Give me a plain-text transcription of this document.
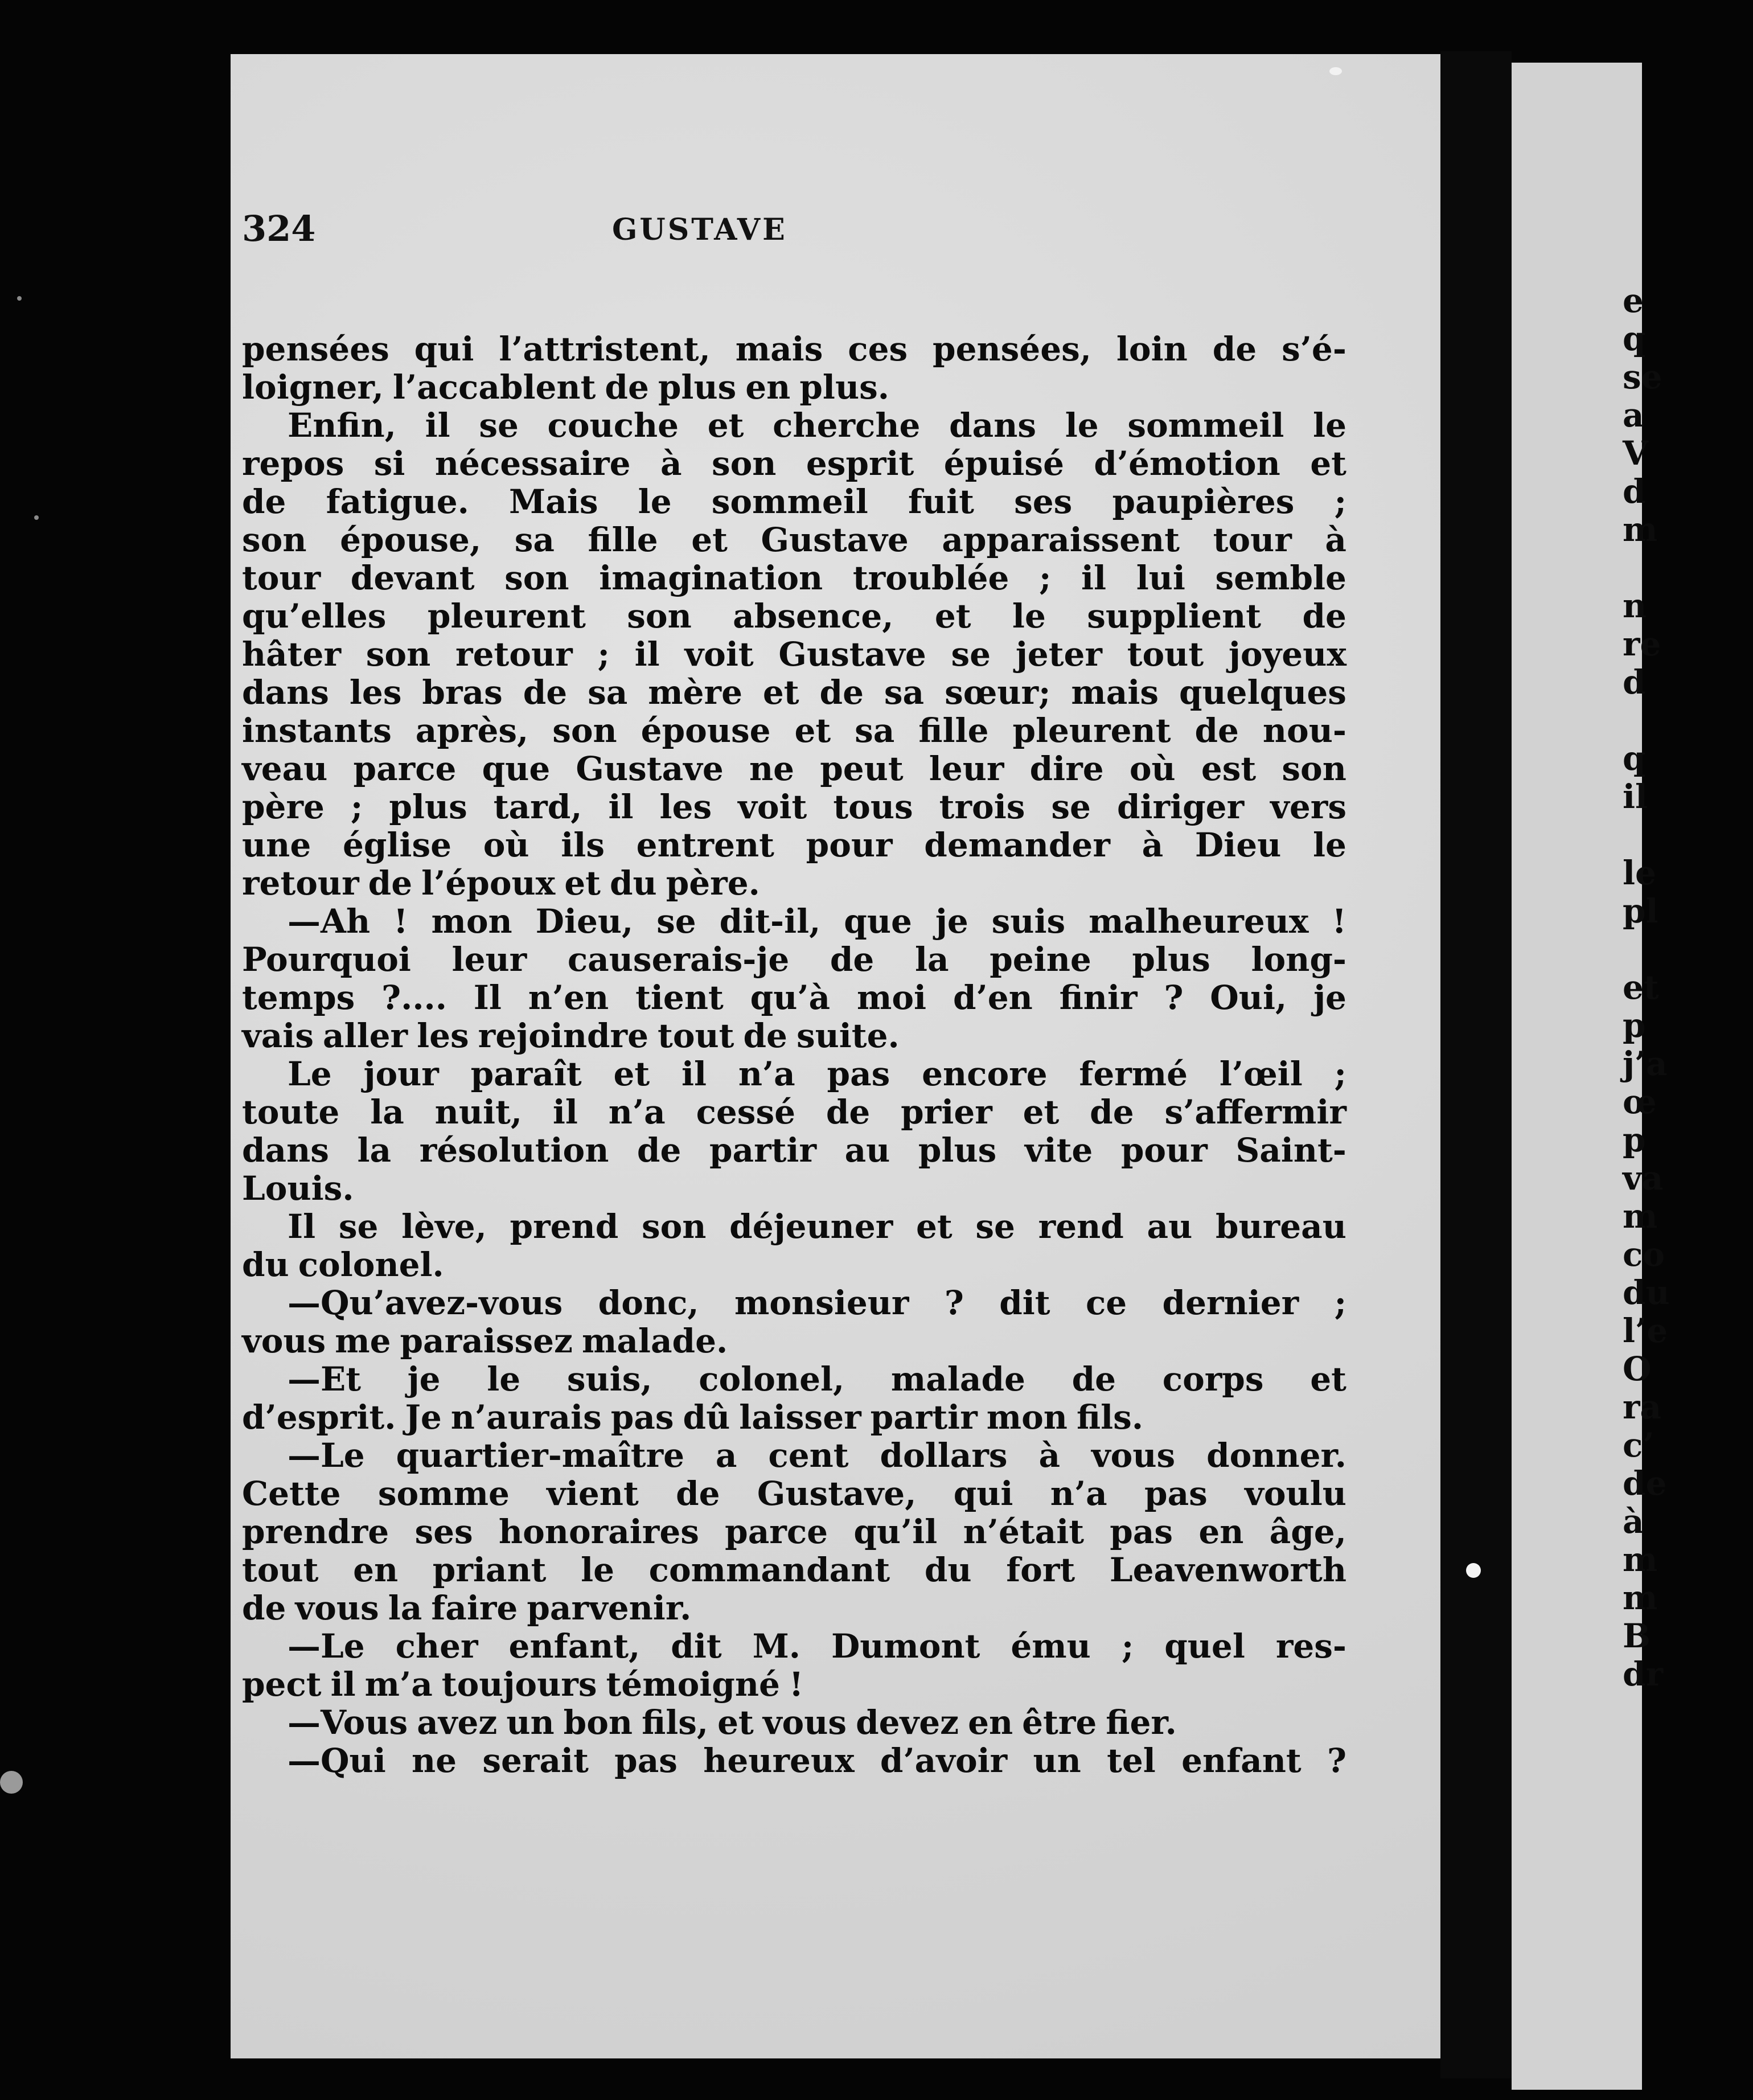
e
q
se
a
V
d
m
n
re
d
q
il
le
pl
et
p
j’a
œ
p
va
m
co
du
l’e
O
ra
c’
de
à
m
m
B
dr
324	GUSTAVE
pensées qui l’attristent, mais ces pensées, loin de s’é-
loigner, l’accablent de plus en plus.
Enfin, il se couche et cherche dans le sommeil le
repos si nécessaire à son esprit épuisé d’émotion et
de fatigue. Mais le sommeil fuit ses paupières ;
son épouse, sa fille et Gustave apparaissent tour à
tour devant son imagination troublée ; il lui semble
qu’elles pleurent son absence, et le supplient de
hâter son retour ; il voit Gustave se jeter tout joyeux
dans les bras de sa mère et de sa sœur; mais quelques
instants après, son épouse et sa fille pleurent de nou-
veau parce que Gustave ne peut leur dire où est son
père ; plus tard, il les voit tous trois se diriger vers
une église où ils entrent pour demander à Dieu le
retour de l’époux et du père.
—Ah ! mon Dieu, se dit-il, que je suis malheureux !
Pourquoi leur causerais-je de la peine plus long-
temps ?.... Il n’en tient qu’à moi d’en finir ? Oui, je
vais aller les rejoindre tout de suite.
Le jour paraît et il n’a pas encore fermé l’œil ;
toute la nuit, il n’a cessé de prier et de s’affermir
dans la résolution de partir au plus vite pour Saint-
Louis.
Il se lève, prend son déjeuner et se rend au bureau
du colonel.
—Qu’avez-vous donc, monsieur ? dit ce dernier ;
vous me paraissez malade.
—Et je le suis, colonel, malade de corps et
d’esprit. Je n’aurais pas dû laisser partir mon fils.
—Le quartier-maître a cent dollars à vous donner.
Cette somme vient de Gustave, qui n’a pas voulu
prendre ses honoraires parce qu’il n’était pas en âge,
tout en priant le commandant du fort Leavenworth
de vous la faire parvenir.
—Le cher enfant, dit M. Dumont ému ; quel res-
pect il m’a toujours témoigné !
—Vous avez un bon fils, et vous devez en être fier.
—Qui ne serait pas heureux d’avoir un tel enfant ?
